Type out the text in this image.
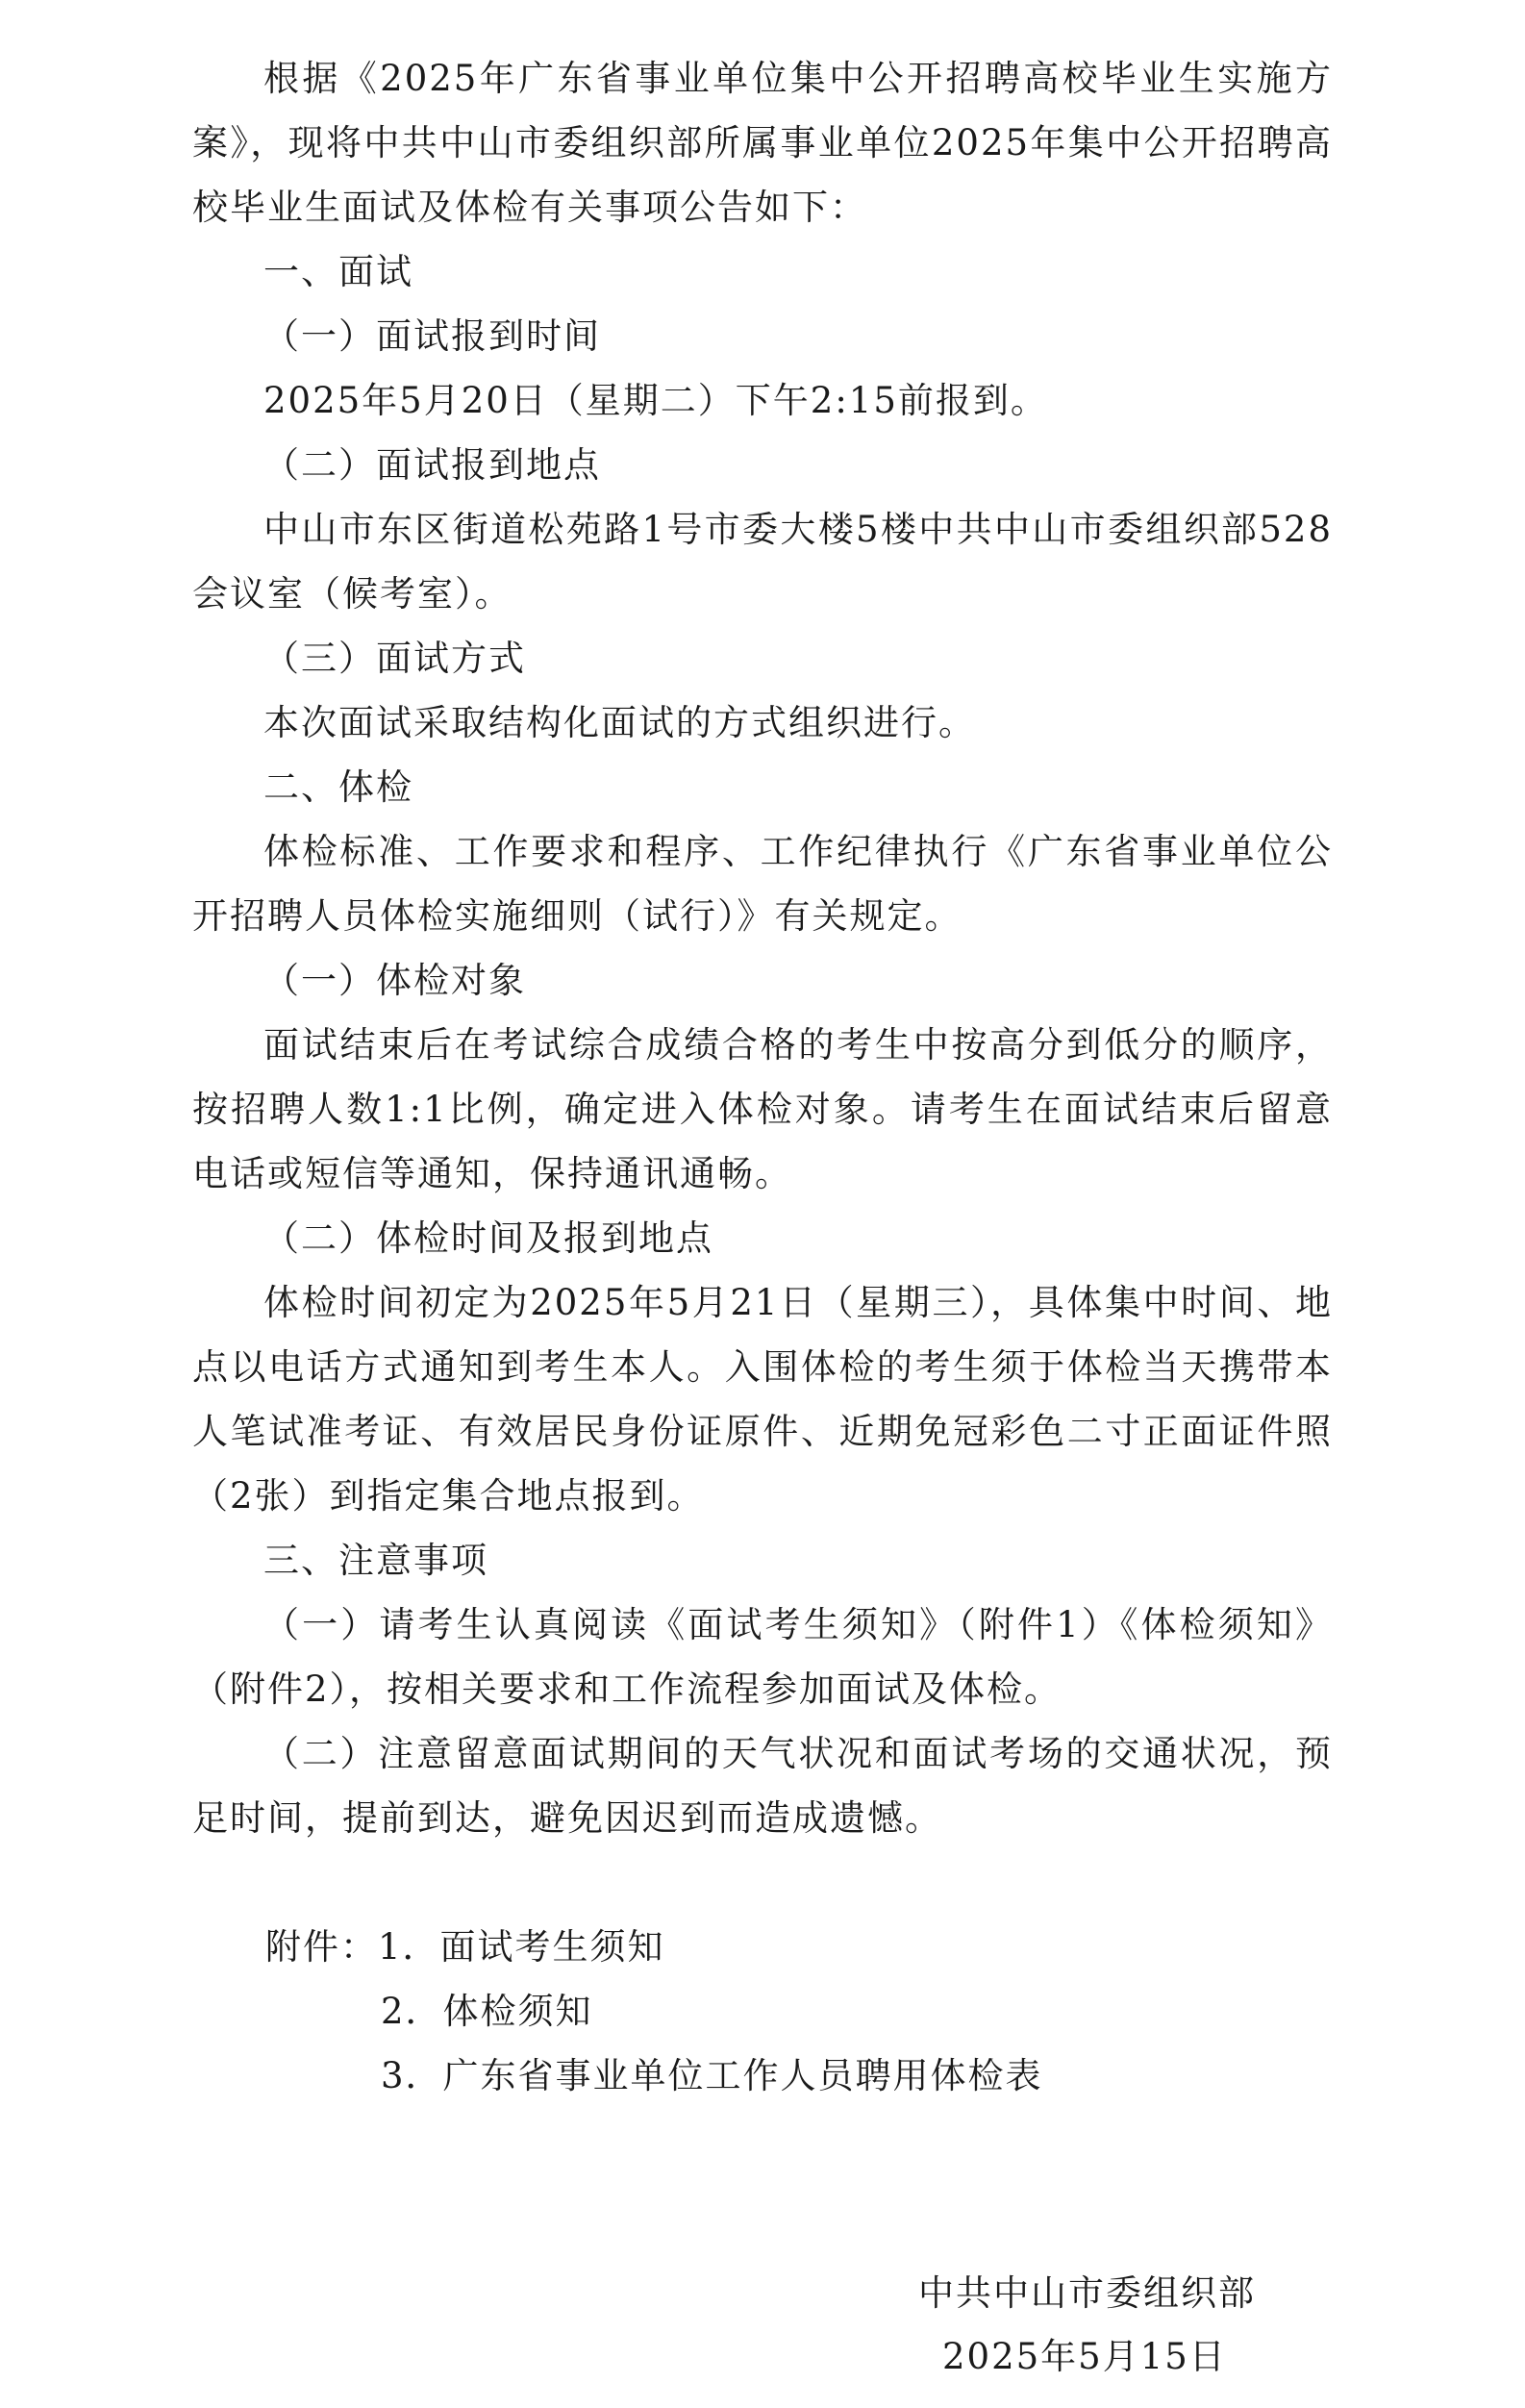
根据《2025年广东省事业单位集中公开招聘高校毕业生实施方案》，现将中共中山市委组织部所属事业单位2025年集中公开招聘高校毕业生面试及体检有关事项公告如下：

一、面试

（一）面试报到时间

2025年5月20日（星期二）下午2:15前报到。

（二）面试报到地点

中山市东区街道松苑路1号市委大楼5楼中共中山市委组织部528会议室（候考室）。

（三）面试方式

本次面试采取结构化面试的方式组织进行。

二、体检

体检标准、工作要求和程序、工作纪律执行《广东省事业单位公开招聘人员体检实施细则（试行）》有关规定。

（一）体检对象

面试结束后在考试综合成绩合格的考生中按高分到低分的顺序，按招聘人数1:1比例，确定进入体检对象。请考生在面试结束后留意电话或短信等通知，保持通讯通畅。

（二）体检时间及报到地点

体检时间初定为2025年5月21日（星期三），具体集中时间、地点以电话方式通知到考生本人。入围体检的考生须于体检当天携带本人笔试准考证、有效居民身份证原件、近期免冠彩色二寸正面证件照（2张）到指定集合地点报到。

三、注意事项

（一）请考生认真阅读《面试考生须知》（附件1）《体检须知》（附件2），按相关要求和工作流程参加面试及体检。

（二）注意留意面试期间的天气状况和面试考场的交通状况，预足时间，提前到达，避免因迟到而造成遗憾。

附件：1．面试考生须知

2．体检须知

3．广东省事业单位工作人员聘用体检表

中共中山市委组织部
2025年5月15日
